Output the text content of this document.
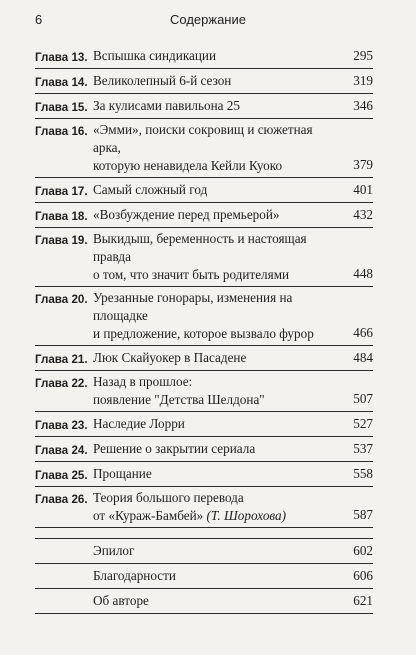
6	Содержание
Глава 13. Вспышка синдикации	295
Глава 14. Великолепный 6-й сезон	319
Глава 15. За кулисами павильона 25	346
Глава 16. «Эмми», поиски сокровищ и сюжетная арка,
которую ненавидела Кейли Куоко	379
Глава 17. Самый сложный год	401
Глава 18. «Возбуждение перед премьерой»	432
Глава 19. Выкидыш, беременность и настоящая правда
о том, что значит быть родителями	448
Глава 20. Урезанные гонорары, изменения на площадке
и предложение, которое вызвало фурор	466
Глава 21. Люк Скайуокер в Пасадене	484
Глава 22. Назад в прошлое:
появление "Детства Шелдона"	507
Глава 23. Наследие Лорри	527
Глава 24. Решение о закрытии сериала	537
Глава 25. Прощание	558
Глава 26. Теория большого перевода
от «Кураж-Бамбей» (Т. Шорохова)	587
Эпилог	602
Благодарности	606
Об авторе	621
